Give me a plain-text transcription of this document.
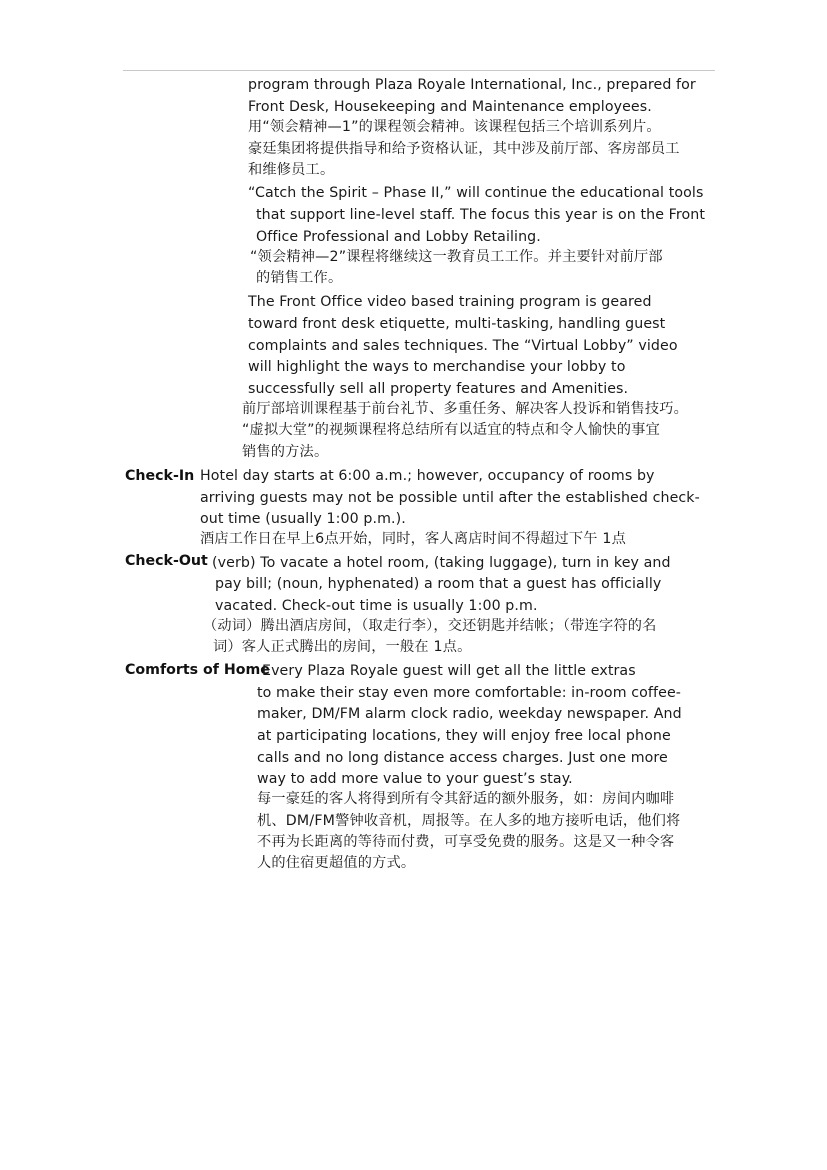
program through Plaza Royale International, Inc., prepared for
Front Desk, Housekeeping and Maintenance employees.
用“领会精神—1”的课程领会精神。该课程包括三个培训系列片。
豪廷集团将提供指导和给予资格认证，其中涉及前厅部、客房部员工
和维修员工。
“Catch the Spirit – Phase II,” will continue the educational tools
that support line-level staff. The focus this year is on the Front
Office Professional and Lobby Retailing.
“领会精神—2”课程将继续这一教育员工工作。并主要针对前厅部
的销售工作。
The Front Office video based training program is geared
toward front desk etiquette, multi-tasking, handling guest
complaints and sales techniques. The “Virtual Lobby” video
will highlight the ways to merchandise your lobby to
successfully sell all property features and Amenities.
前厅部培训课程基于前台礼节、多重任务、解决客人投诉和销售技巧。
“虚拟大堂”的视频课程将总结所有以适宜的特点和令人愉快的事宜
销售的方法。
Check-In Hotel day starts at 6:00 a.m.; however, occupancy of rooms by
arriving guests may not be possible until after the established check-
out time (usually 1:00 p.m.).
酒店工作日在早上6点开始，同时，客人离店时间不得超过下午 1点
Check-Out (verb) To vacate a hotel room, (taking luggage), turn in key and
pay bill; (noun, hyphenated) a room that a guest has officially
vacated. Check-out time is usually 1:00 p.m.
（动词）腾出酒店房间，（取走行李），交还钥匙并结帐；（带连字符的名
词）客人正式腾出的房间，一般在 1点。
Comforts of Home
Every Plaza Royale guest will get all the little extras
to make their stay even more comfortable: in-room coffee-
maker, DM/FM alarm clock radio, weekday newspaper. And
at participating locations, they will enjoy free local phone
calls and no long distance access charges. Just one more
way to add more value to your guest’s stay.
每一豪廷的客人将得到所有令其舒适的额外服务，如：房间内咖啡
机、DM/FM警钟收音机，周报等。在人多的地方接听电话，他们将
不再为长距离的等待而付费，可享受免费的服务。这是又一种令客
人的住宿更超值的方式。
